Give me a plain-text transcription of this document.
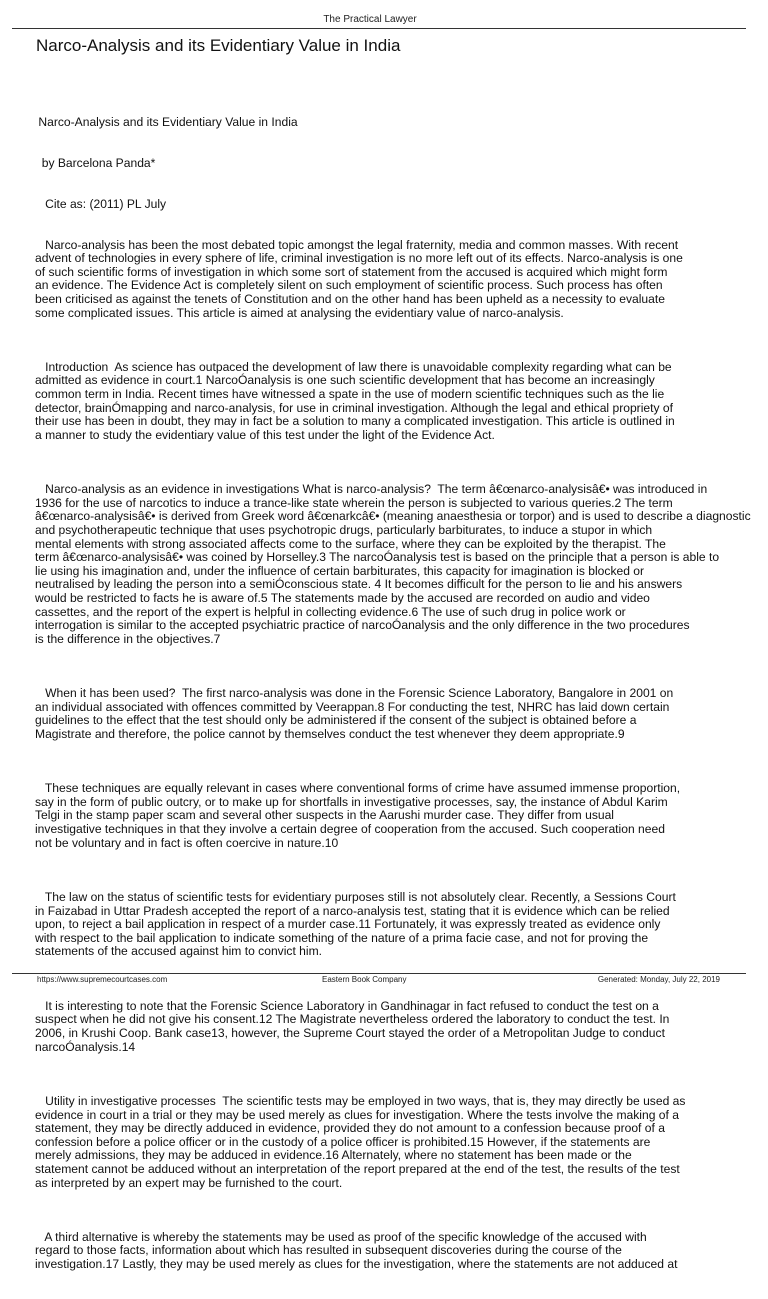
The Practical Lawyer
Narco-Analysis and its Evidentiary Value in India

Narco-Analysis and its Evidentiary Value in India

by Barcelona Panda*

Cite as: (2011) PL July

Narco-analysis has been the most debated topic amongst the legal fraternity, media and common masses. With recent
advent of technologies in every sphere of life, criminal investigation is no more left out of its effects. Narco-analysis is one
of such scientific forms of investigation in which some sort of statement from the accused is acquired which might form
an evidence. The Evidence Act is completely silent on such employment of scientific process. Such process has often
been criticised as against the tenets of Constitution and on the other hand has been upheld as a necessity to evaluate
some complicated issues. This article is aimed at analysing the evidentiary value of narco-analysis.

Introduction  As science has outpaced the development of law there is unavoidable complexity regarding what can be
admitted as evidence in court.1 NarcoÓanalysis is one such scientific development that has become an increasingly
common term in India. Recent times have witnessed a spate in the use of modern scientific techniques such as the lie
detector, brainÓmapping and narco-analysis, for use in criminal investigation. Although the legal and ethical propriety of
their use has been in doubt, they may in fact be a solution to many a complicated investigation. This article is outlined in
a manner to study the evidentiary value of this test under the light of the Evidence Act.

Narco-analysis as an evidence in investigations What is narco-analysis?  The term â€œnarco-analysisâ€• was introduced in
1936 for the use of narcotics to induce a trance-like state wherein the person is subjected to various queries.2 The term
â€œnarco-analysisâ€• is derived from Greek word â€œnarkcâ€• (meaning anaesthesia or torpor) and is used to describe a diagnostic
and psychotherapeutic technique that uses psychotropic drugs, particularly barbiturates, to induce a stupor in which
mental elements with strong associated affects come to the surface, where they can be exploited by the therapist. The
term â€œnarco-analysisâ€• was coined by Horselley.3 The narcoÓanalysis test is based on the principle that a person is able to
lie using his imagination and, under the influence of certain barbiturates, this capacity for imagination is blocked or
neutralised by leading the person into a semiÓconscious state. 4 It becomes difficult for the person to lie and his answers
would be restricted to facts he is aware of.5 The statements made by the accused are recorded on audio and video
cassettes, and the report of the expert is helpful in collecting evidence.6 The use of such drug in police work or
interrogation is similar to the accepted psychiatric practice of narcoÓanalysis and the only difference in the two procedures
is the difference in the objectives.7

When it has been used?  The first narco-analysis was done in the Forensic Science Laboratory, Bangalore in 2001 on
an individual associated with offences committed by Veerappan.8 For conducting the test, NHRC has laid down certain
guidelines to the effect that the test should only be administered if the consent of the subject is obtained before a
Magistrate and therefore, the police cannot by themselves conduct the test whenever they deem appropriate.9

These techniques are equally relevant in cases where conventional forms of crime have assumed immense proportion,
say in the form of public outcry, or to make up for shortfalls in investigative processes, say, the instance of Abdul Karim
Telgi in the stamp paper scam and several other suspects in the Aarushi murder case. They differ from usual
investigative techniques in that they involve a certain degree of cooperation from the accused. Such cooperation need
not be voluntary and in fact is often coercive in nature.10

The law on the status of scientific tests for evidentiary purposes still is not absolutely clear. Recently, a Sessions Court
in Faizabad in Uttar Pradesh accepted the report of a narco-analysis test, stating that it is evidence which can be relied
upon, to reject a bail application in respect of a murder case.11 Fortunately, it was expressly treated as evidence only
with respect to the bail application to indicate something of the nature of a prima facie case, and not for proving the
statements of the accused against him to convict him.

It is interesting to note that the Forensic Science Laboratory in Gandhinagar in fact refused to conduct the test on a
suspect when he did not give his consent.12 The Magistrate nevertheless ordered the laboratory to conduct the test. In
2006, in Krushi Coop. Bank case13, however, the Supreme Court stayed the order of a Metropolitan Judge to conduct
narcoÓanalysis.14

Utility in investigative processes  The scientific tests may be employed in two ways, that is, they may directly be used as
evidence in court in a trial or they may be used merely as clues for investigation. Where the tests involve the making of a
statement, they may be directly adduced in evidence, provided they do not amount to a confession because proof of a
confession before a police officer or in the custody of a police officer is prohibited.15 However, if the statements are
merely admissions, they may be adduced in evidence.16 Alternately, where no statement has been made or the
statement cannot be adduced without an interpretation of the report prepared at the end of the test, the results of the test
as interpreted by an expert may be furnished to the court.

A third alternative is whereby the statements may be used as proof of the specific knowledge of the accused with
regard to those facts, information about which has resulted in subsequent discoveries during the course of the
investigation.17 Lastly, they may be used merely as clues for the investigation, where the statements are not adduced at

https://www.supremecourtcases.com	Eastern Book Company	Generated: Monday, July 22, 2019
